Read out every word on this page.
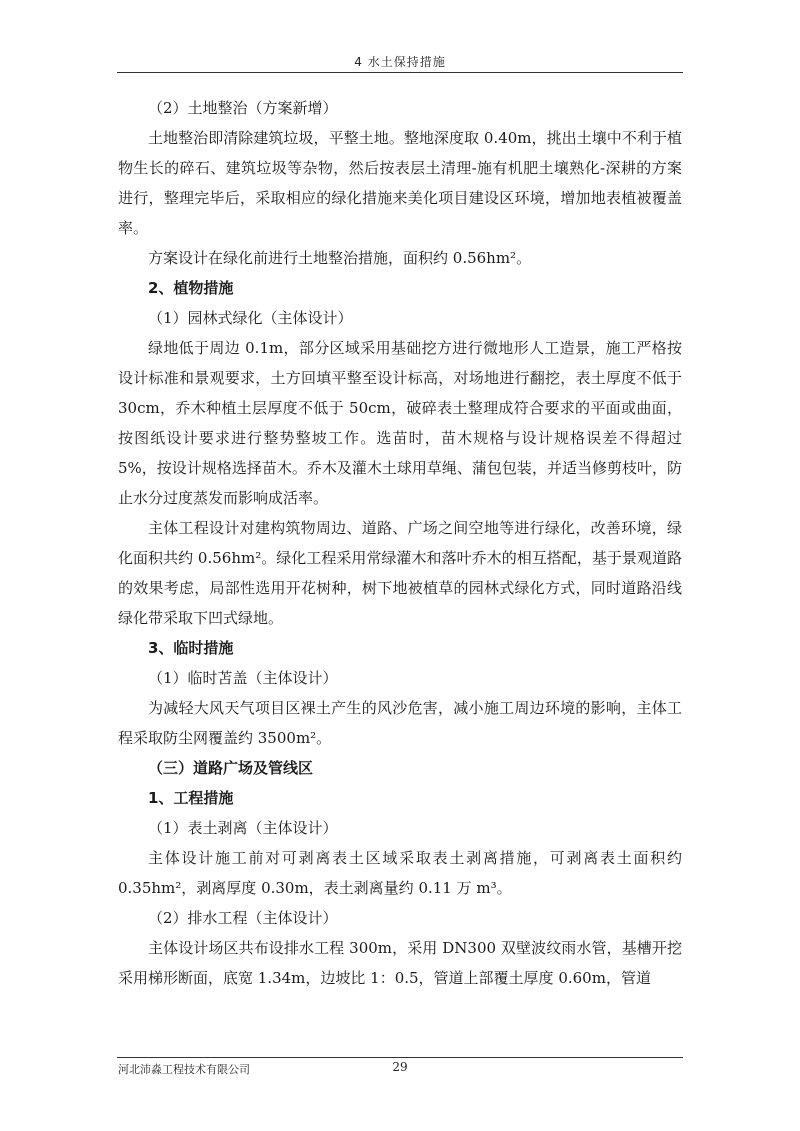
4 水土保持措施

（2）土地整治（方案新增）

土地整治即清除建筑垃圾，平整土地。整地深度取 0.40m，挑出土壤中不利于植物生长的碎石、建筑垃圾等杂物，然后按表层土清理-施有机肥土壤熟化-深耕的方案进行，整理完毕后，采取相应的绿化措施来美化项目建设区环境，增加地表植被覆盖率。

方案设计在绿化前进行土地整治措施，面积约 0.56hm²。

2、植物措施

（1）园林式绿化（主体设计）

绿地低于周边 0.1m，部分区域采用基础挖方进行微地形人工造景，施工严格按设计标准和景观要求，土方回填平整至设计标高，对场地进行翻挖，表土厚度不低于 30cm，乔木种植土层厚度不低于 50cm，破碎表土整理成符合要求的平面或曲面，按图纸设计要求进行整势整坡工作。选苗时，苗木规格与设计规格误差不得超过 5%，按设计规格选择苗木。乔木及灌木土球用草绳、蒲包包装，并适当修剪枝叶，防止水分过度蒸发而影响成活率。

主体工程设计对建构筑物周边、道路、广场之间空地等进行绿化，改善环境，绿化面积共约 0.56hm²。绿化工程采用常绿灌木和落叶乔木的相互搭配，基于景观道路的效果考虑，局部性选用开花树种，树下地被植草的园林式绿化方式，同时道路沿线绿化带采取下凹式绿地。

3、临时措施

（1）临时苫盖（主体设计）

为减轻大风天气项目区裸土产生的风沙危害，减小施工周边环境的影响，主体工程采取防尘网覆盖约 3500m²。

（三）道路广场及管线区

1、工程措施

（1）表土剥离（主体设计）

主体设计施工前对可剥离表土区域采取表土剥离措施，可剥离表土面积约 0.35hm²，剥离厚度 0.30m，表土剥离量约 0.11 万 m³。

（2）排水工程（主体设计）

主体设计场区共布设排水工程 300m，采用 DN300 双壁波纹雨水管，基槽开挖采用梯形断面，底宽 1.34m，边坡比 1：0.5，管道上部覆土厚度 0.60m，管道

河北沛淼工程技术有限公司	29
